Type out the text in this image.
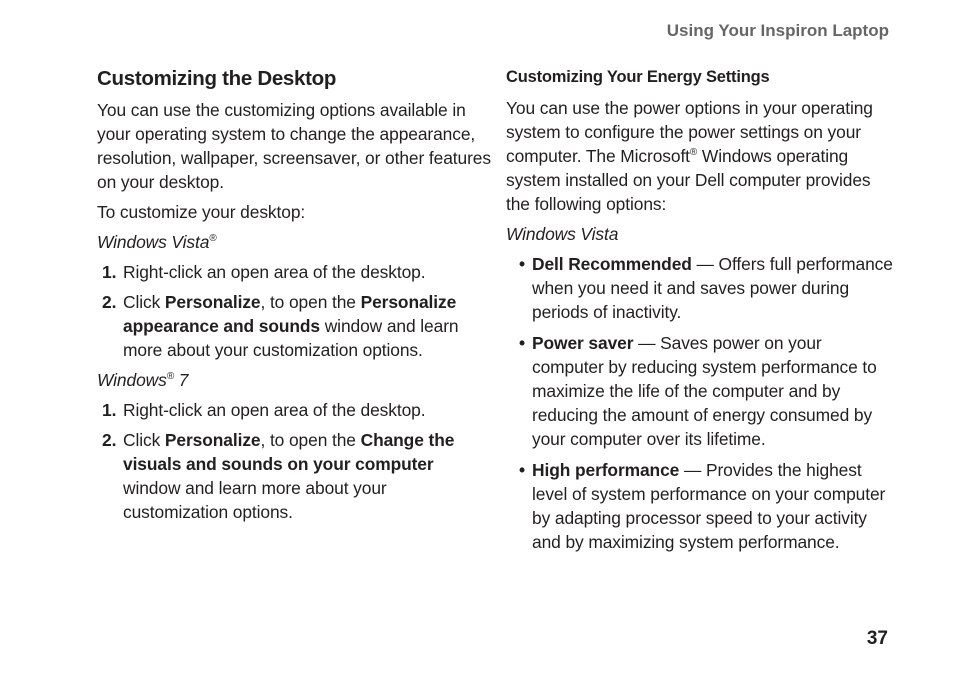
Using Your Inspiron Laptop
Customizing the Desktop

You can use the customizing options available in your operating system to change the appearance, resolution, wallpaper, screensaver, or other features on your desktop.

To customize your desktop:

Windows Vista®
1. Right-click an open area of the desktop.
2. Click Personalize, to open the Personalize appearance and sounds window and learn more about your customization options.
Windows® 7
1. Right-click an open area of the desktop.
2. Click Personalize, to open the Change the visuals and sounds on your computer window and learn more about your customization options.
Customizing Your Energy Settings

You can use the power options in your operating system to configure the power settings on your computer. The Microsoft® Windows operating system installed on your Dell computer provides the following options:

Windows Vista
• Dell Recommended — Offers full performance when you need it and saves power during periods of inactivity.
• Power saver — Saves power on your computer by reducing system performance to maximize the life of the computer and by reducing the amount of energy consumed by your computer over its lifetime.
• High performance — Provides the highest level of system performance on your computer by adapting processor speed to your activity and by maximizing system performance.
37
